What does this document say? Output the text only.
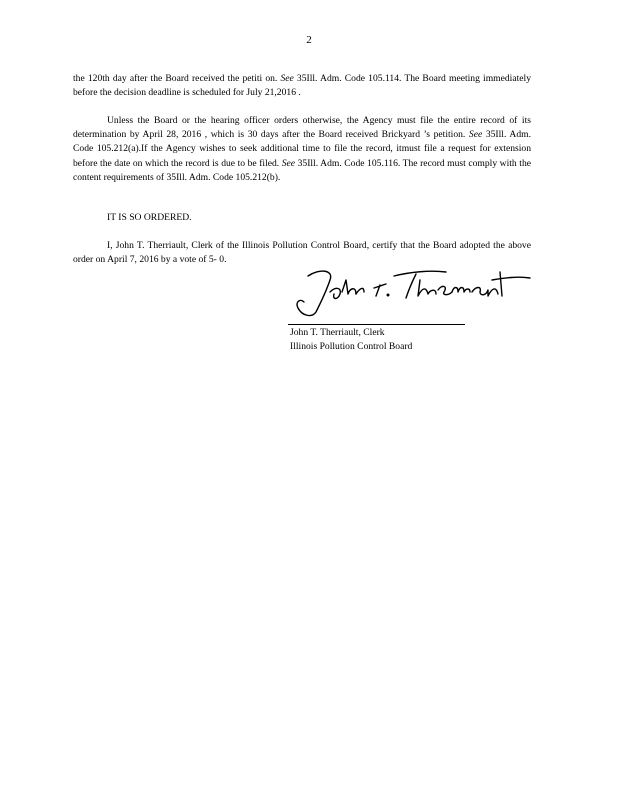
2

the 120th day after the Board received the petiti on. See 35Ill. Adm. Code 105.114. The Board meeting immediately before the decision deadline is scheduled for July 21,2016 .

Unless the Board or the hearing officer orders otherwise, the Agency must file the entire record of its determination by April 28, 2016 , which is 30 days after the Board received Brickyard ’s petition. See 35Ill. Adm. Code 105.212(a).If the Agency wishes to seek additional time to file the record, itmust file a request for extension before the date on which the record is due to be filed. See 35Ill. Adm. Code 105.116. The record must comply with the content requirements of 35Ill. Adm. Code 105.212(b).

IT IS SO ORDERED.

I, John T. Therriault, Clerk of the Illinois Pollution Control Board, certify that the Board adopted the above order on April 7, 2016 by a vote of 5- 0.

John T. Therriault, Clerk
Illinois Pollution Control Board
